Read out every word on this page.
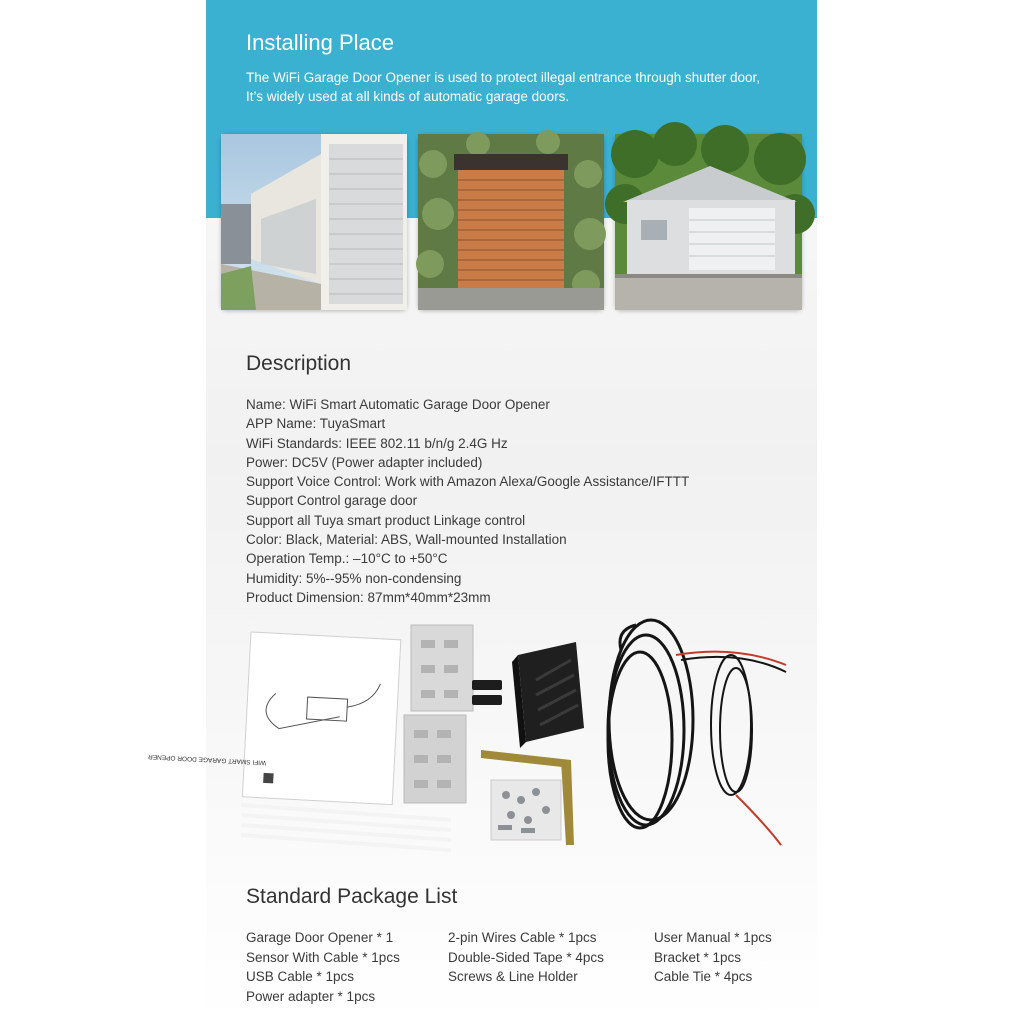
Installing Place

The WiFi Garage Door Opener is used to protect illegal entrance through shutter door,
It’s widely used at all kinds of automatic garage doors.

Description
Name: WiFi Smart Automatic Garage Door Opener
APP Name: TuyaSmart
WiFi Standards: IEEE 802.11 b/n/g 2.4G Hz
Power: DC5V (Power adapter included)
Support Voice Control: Work with Amazon Alexa/Google Assistance/IFTTT
Support Control garage door
Support all Tuya smart product Linkage control
Color: Black, Material: ABS, Wall-mounted Installation
Operation Temp.: –10°C to +50°C
Humidity: 5%--95% non-condensing
Product Dimension: 87mm*40mm*23mm
WIFI SMART GARAGE DOOR OPENER
Standard Package List
Garage Door Opener * 1
Sensor With Cable * 1pcs
USB Cable * 1pcs
Power adapter * 1pcs
2-pin Wires Cable * 1pcs
Double-Sided Tape * 4pcs
Screws & Line Holder
User Manual * 1pcs
Bracket * 1pcs
Cable Tie * 4pcs
